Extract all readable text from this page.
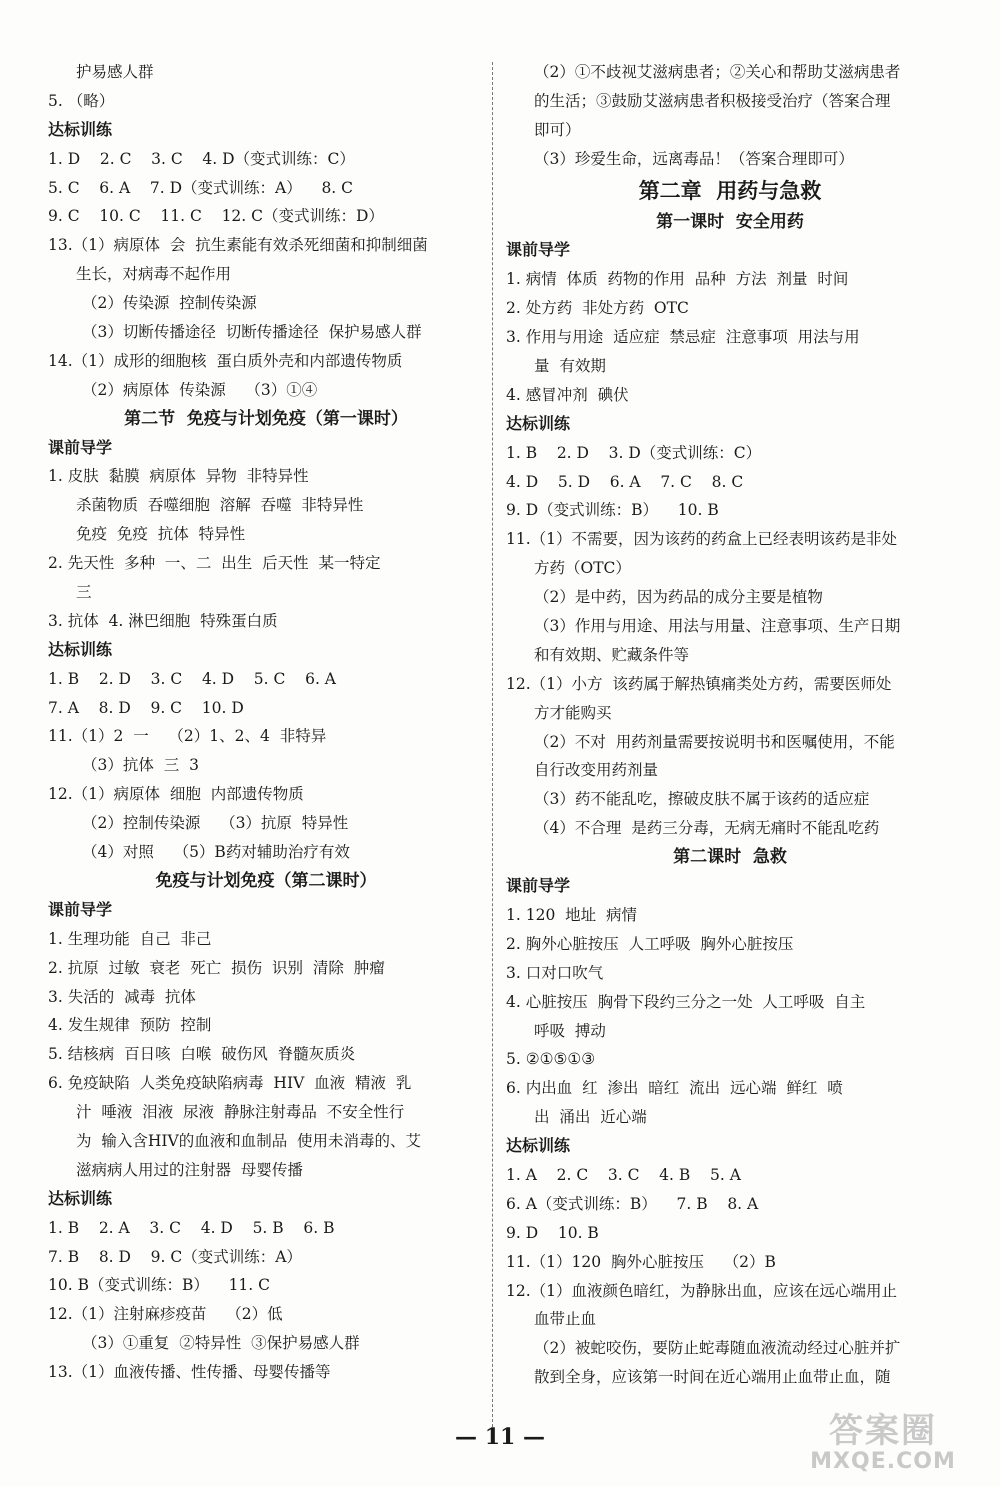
护易感人群
5. （略）
达标训练
1. D    2. C    3. C    4. D（变式训练：C）
5. C    6. A    7. D（变式训练：A）    8. C
9. C    10. C    11. C    12. C（变式训练：D）
13.（1）病原体  会  抗生素能有效杀死细菌和抑制细菌
生长，对病毒不起作用
（2）传染源  控制传染源
（3）切断传播途径  切断传播途径  保护易感人群
14.（1）成形的细胞核  蛋白质外壳和内部遗传物质
（2）病原体  传染源    （3）①④
第二节  免疫与计划免疫（第一课时）
课前导学
1. 皮肤  黏膜  病原体  异物  非特异性
杀菌物质  吞噬细胞  溶解  吞噬  非特异性
免疫  免疫  抗体  特异性
2. 先天性  多种  一、二  出生  后天性  某一特定
三
3. 抗体  4. 淋巴细胞  特殊蛋白质
达标训练
1. B    2. D    3. C    4. D    5. C    6. A
7. A    8. D    9. C    10. D
11.（1）2  一    （2）1、2、4  非特异
（3）抗体  三  3
12.（1）病原体  细胞  内部遗传物质
（2）控制传染源    （3）抗原  特异性
（4）对照    （5）B药对辅助治疗有效
免疫与计划免疫（第二课时）
课前导学
1. 生理功能  自己  非己
2. 抗原  过敏  衰老  死亡  损伤  识别  清除  肿瘤
3. 失活的  减毒  抗体
4. 发生规律  预防  控制
5. 结核病  百日咳  白喉  破伤风  脊髓灰质炎
6. 免疫缺陷  人类免疫缺陷病毒  HIV  血液  精液  乳
汁  唾液  泪液  尿液  静脉注射毒品  不安全性行
为  输入含HIV的血液和血制品  使用未消毒的、艾
滋病病人用过的注射器  母婴传播
达标训练
1. B    2. A    3. C    4. D    5. B    6. B
7. B    8. D    9. C（变式训练：A）
10. B（变式训练：B）    11. C
12.（1）注射麻疹疫苗    （2）低
（3）①重复  ②特异性  ③保护易感人群
13.（1）血液传播、性传播、母婴传播等
（2）①不歧视艾滋病患者；②关心和帮助艾滋病患者
的生活；③鼓励艾滋病患者积极接受治疗（答案合理
即可）
（3）珍爱生命，远离毒品！（答案合理即可）
第二章  用药与急救
第一课时  安全用药
课前导学
1. 病情  体质  药物的作用  品种  方法  剂量  时间
2. 处方药  非处方药  OTC
3. 作用与用途  适应症  禁忌症  注意事项  用法与用
量  有效期
4. 感冒冲剂  碘伏
达标训练
1. B    2. D    3. D（变式训练：C）
4. D    5. D    6. A    7. C    8. C
9. D（变式训练：B）    10. B
11.（1）不需要，因为该药的药盒上已经表明该药是非处
方药（OTC）
（2）是中药，因为药品的成分主要是植物
（3）作用与用途、用法与用量、注意事项、生产日期
和有效期、贮藏条件等
12.（1）小方  该药属于解热镇痛类处方药，需要医师处
方才能购买
（2）不对  用药剂量需要按说明书和医嘱使用，不能
自行改变用药剂量
（3）药不能乱吃，擦破皮肤不属于该药的适应症
（4）不合理  是药三分毒，无病无痛时不能乱吃药
第二课时  急救
课前导学
1. 120  地址  病情
2. 胸外心脏按压  人工呼吸  胸外心脏按压
3. 口对口吹气
4. 心脏按压  胸骨下段约三分之一处  人工呼吸  自主
呼吸  搏动
5. ②①⑤①③
6. 内出血  红  渗出  暗红  流出  远心端  鲜红  喷
出  涌出  近心端
达标训练
1. A    2. C    3. C    4. B    5. A
6. A（变式训练：B）    7. B    8. A
9. D    10. B
11.（1）120  胸外心脏按压    （2）B
12.（1）血液颜色暗红，为静脉出血，应该在远心端用止
血带止血
（2）被蛇咬伤，要防止蛇毒随血液流动经过心脏并扩
散到全身，应该第一时间在近心端用止血带止血，随
— 11 —	答案圈
MXQE.COM
